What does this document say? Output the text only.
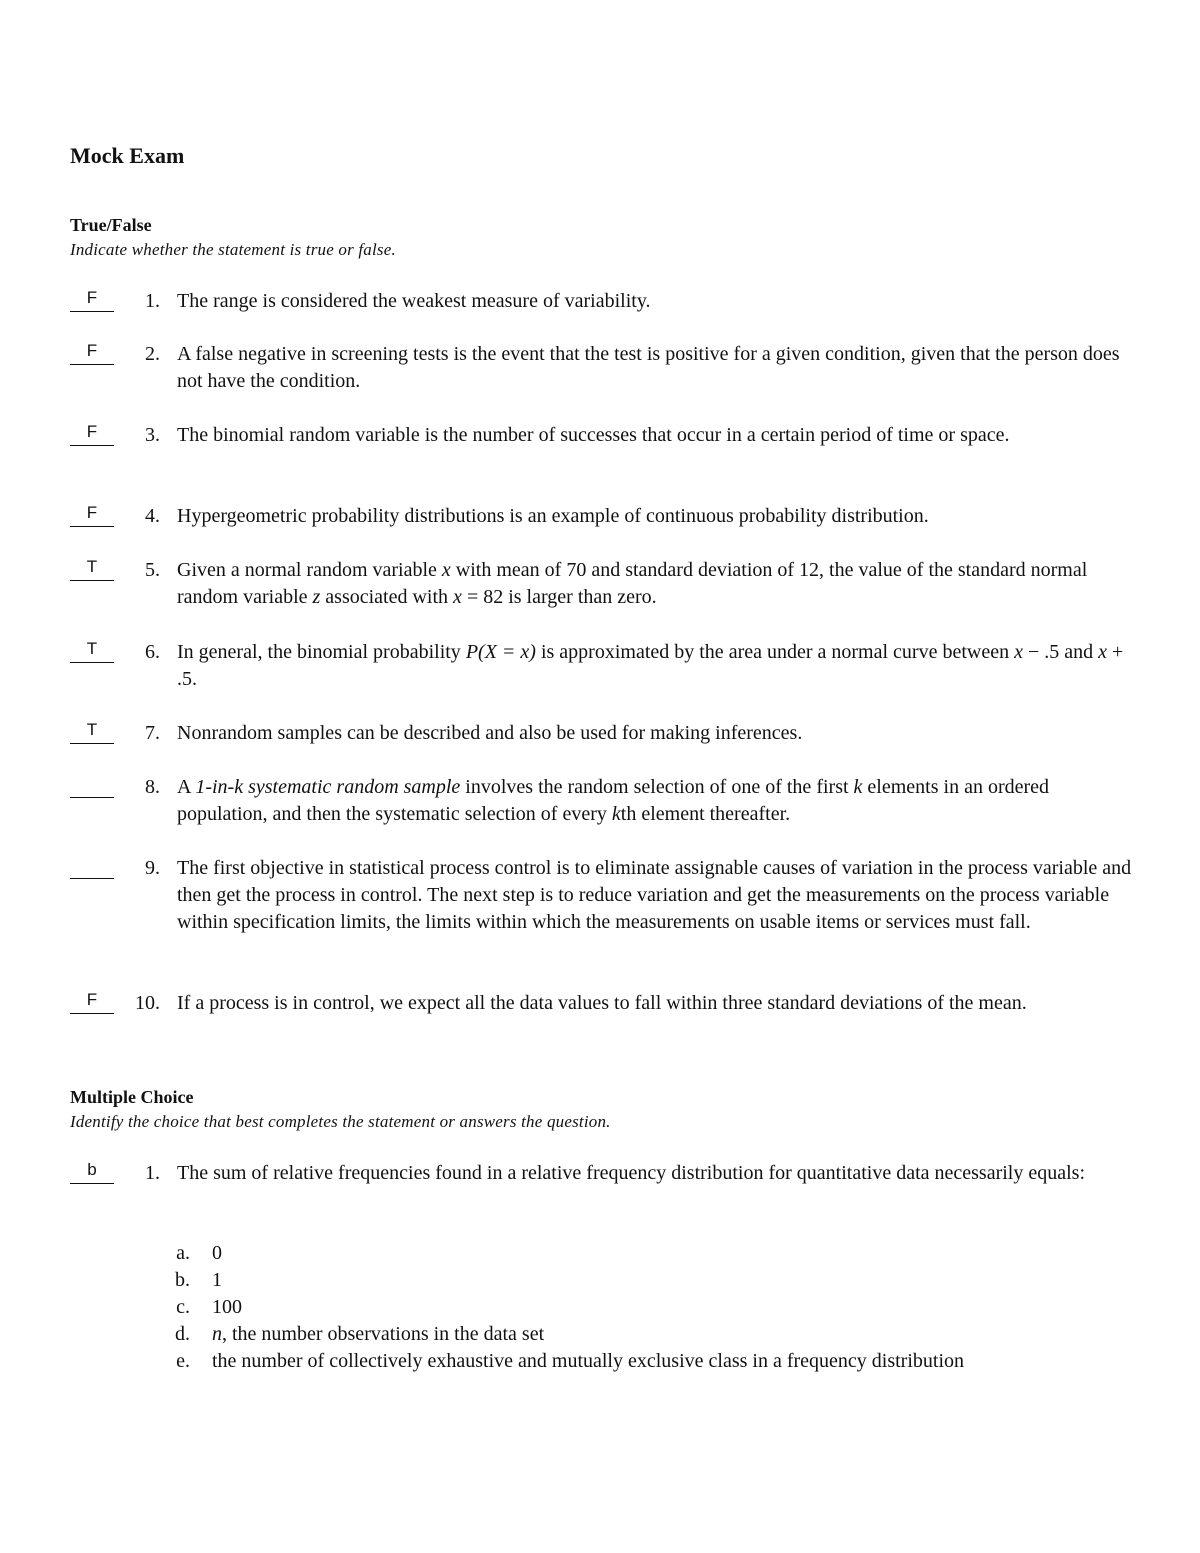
Mock Exam
True/False
Indicate whether the statement is true or false.
F	1. The range is considered the weakest measure of variability.
F	2. A false negative in screening tests is the event that the test is positive for a given condition, given that the person does not have the condition.
F	3. The binomial random variable is the number of successes that occur in a certain period of time or space.
F	4. Hypergeometric probability distributions is an example of continuous probability distribution.
T	5. Given a normal random variable x with mean of 70 and standard deviation of 12, the value of the standard normal random variable z associated with x = 82 is larger than zero.
T	6. In general, the binomial probability P(X = x) is approximated by the area under a normal curve between x − .5 and x + .5.
T	7. Nonrandom samples can be described and also be used for making inferences.
8. A 1-in-k systematic random sample involves the random selection of one of the first k elements in an ordered population, and then the systematic selection of every kth element thereafter.
9. The first objective in statistical process control is to eliminate assignable causes of variation in the process variable and then get the process in control. The next step is to reduce variation and get the measurements on the process variable within specification limits, the limits within which the measurements on usable items or services must fall.
F	10. If a process is in control, we expect all the data values to fall within three standard deviations of the mean.
Multiple Choice
Identify the choice that best completes the statement or answers the question.
b	1. The sum of relative frequencies found in a relative frequency distribution for quantitative data necessarily equals:
a. 0
b. 1
c. 100
d. n, the number observations in the data set
e. the number of collectively exhaustive and mutually exclusive class in a frequency distribution
